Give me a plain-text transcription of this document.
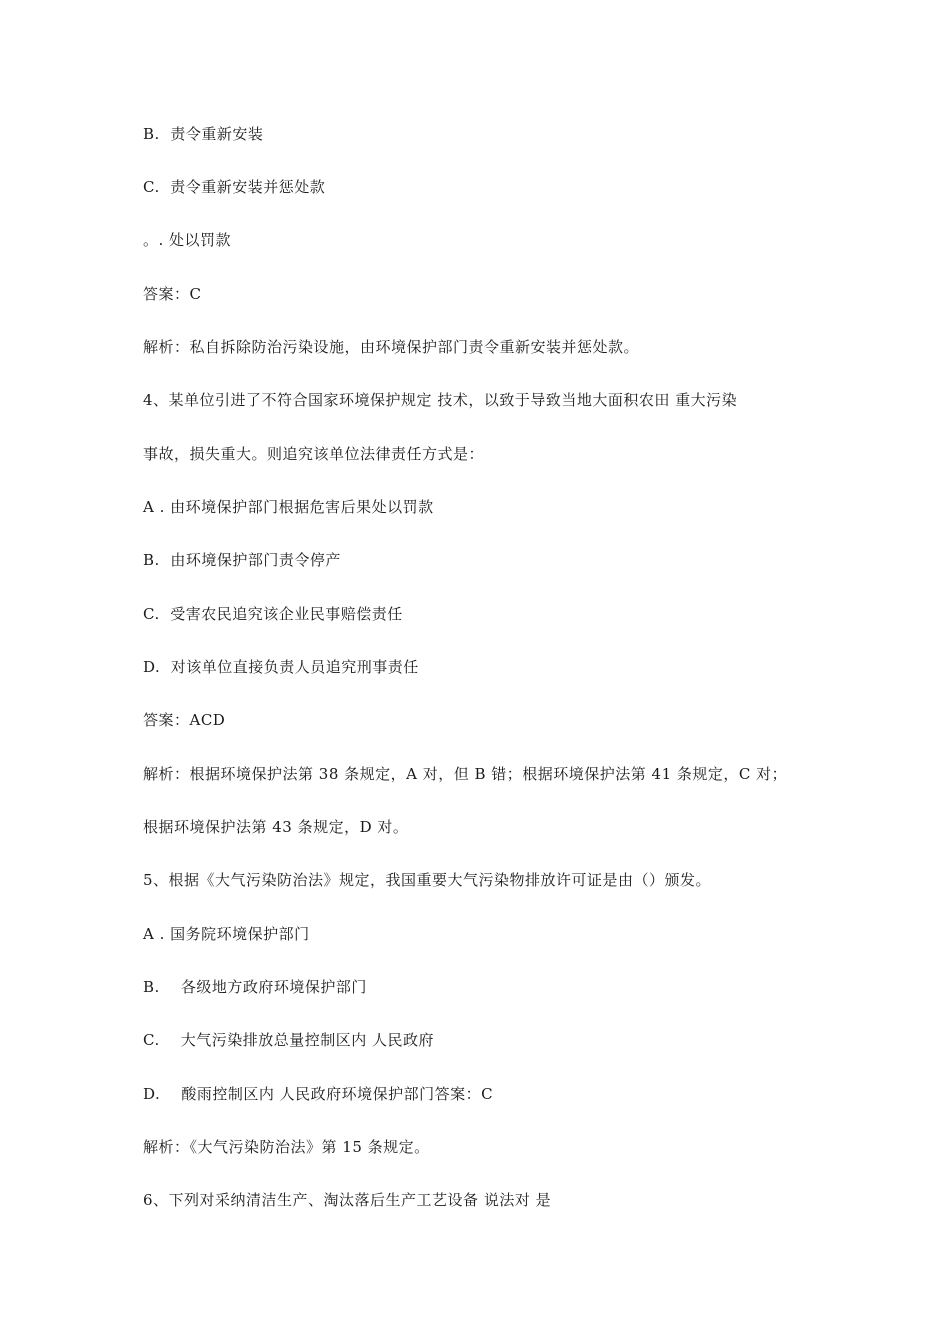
B.  责令重新安装
C.  责令重新安装并惩处款
。. 处以罚款
答案：C
解析：私自拆除防治污染设施，由环境保护部门责令重新安装并惩处款。
4、某单位引进了不符合国家环境保护规定 技术，以致于导致当地大面积农田 重大污染
事故，损失重大。则追究该单位法律责任方式是：
A . 由环境保护部门根据危害后果处以罚款
B.  由环境保护部门责令停产
C.  受害农民追究该企业民事赔偿责任
D.  对该单位直接负责人员追究刑事责任
答案：ACD
解析：根据环境保护法第 38 条规定，A 对，但 B 错；根据环境保护法第 41 条规定，C 对；
根据环境保护法第 43 条规定，D 对。
5、根据《大气污染防治法》规定，我国重要大气污染物排放许可证是由（）颁发。
A . 国务院环境保护部门
B.    各级地方政府环境保护部门
C.    大气污染排放总量控制区内 人民政府
D.    酸雨控制区内 人民政府环境保护部门答案：C
解析：《大气污染防治法》第 15 条规定。
6、下列对采纳清洁生产、淘汰落后生产工艺设备 说法对 是
